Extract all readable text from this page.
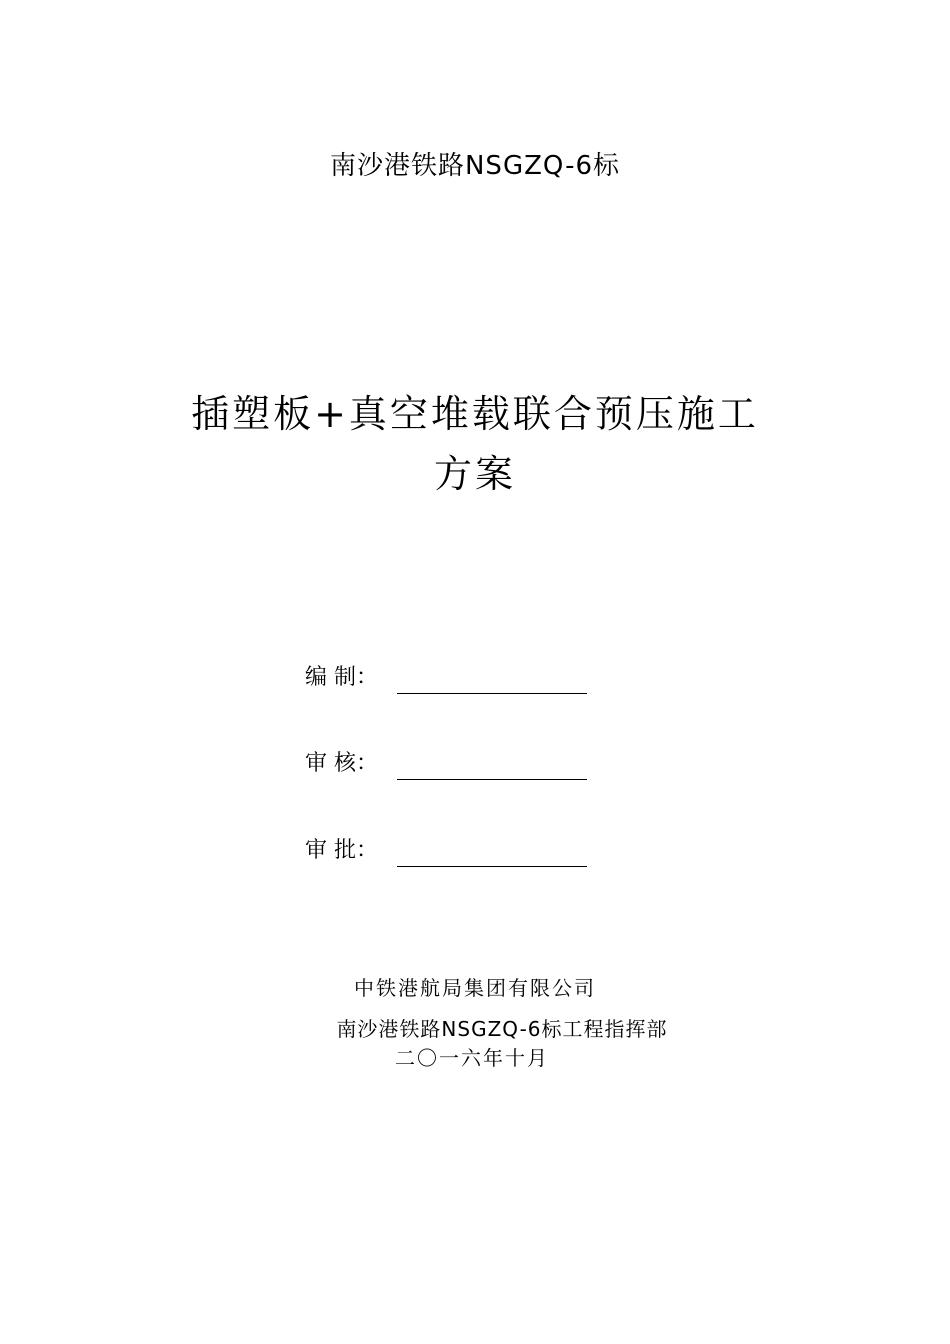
南沙港铁路NSGZQ-6标
插塑板+真空堆载联合预压施工
方案
编 制：
审 核：
审 批：
中铁港航局集团有限公司
南沙港铁路NSGZQ-6标工程指挥部
二〇一六年十月
